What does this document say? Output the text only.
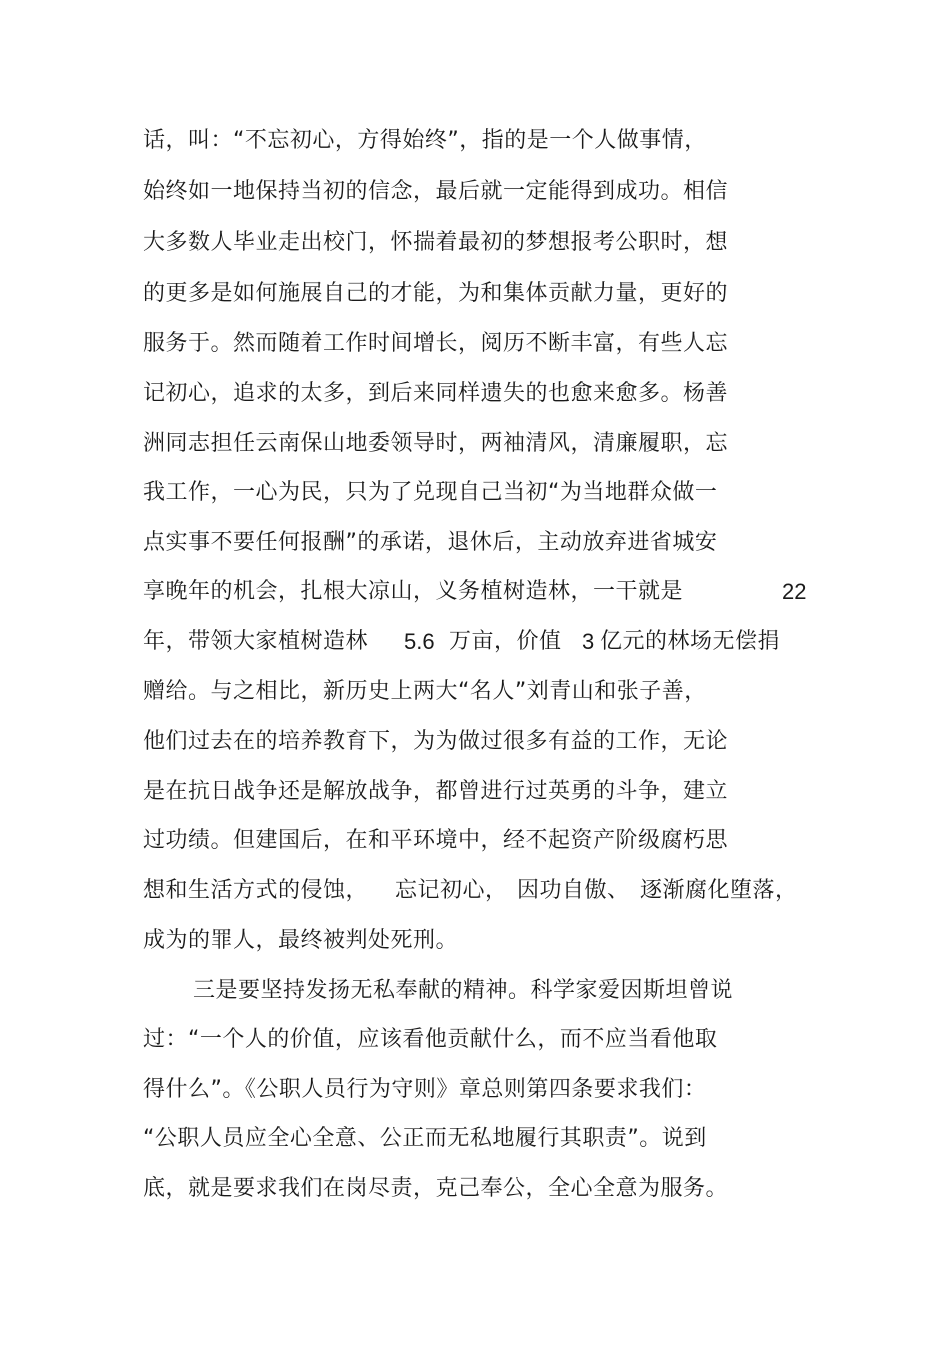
话，叫：“不忘初心，方得始终”，指的是一个人做事情，
始终如一地保持当初的信念，最后就一定能得到成功。相信
大多数人毕业走出校门，怀揣着最初的梦想报考公职时，想
的更多是如何施展自己的才能，为和集体贡献力量，更好的
服务于。然而随着工作时间增长，阅历不断丰富，有些人忘
记初心，追求的太多，到后来同样遗失的也愈来愈多。杨善
洲同志担任云南保山地委领导时，两袖清风，清廉履职，忘
我工作，一心为民，只为了兑现自己当初“为当地群众做一
点实事不要任何报酬”的承诺，退休后，主动放弃进省城安
享晚年的机会，扎根大凉山，义务植树造林，一干就是	22
年，带领大家植树造林 5.6 万亩，价值 3 亿元的林场无偿捐
赠给。与之相比，新历史上两大“名人”刘青山和张子善，
他们过去在的培养教育下，为为做过很多有益的工作，无论
是在抗日战争还是解放战争，都曾进行过英勇的斗争，建立
过功绩。但建国后，在和平环境中，经不起资产阶级腐朽思
想和生活方式的侵蚀， 忘记初心， 因功自傲、 逐渐腐化堕落，
成为的罪人，最终被判处死刑。
三是要坚持发扬无私奉献的精神。科学家爱因斯坦曾说
过：“一个人的价值，应该看他贡献什么，而不应当看他取
得什么”。《公职人员行为守则》章总则第四条要求我们：
“公职人员应全心全意、公正而无私地履行其职责”。说到
底，就是要求我们在岗尽责，克己奉公，全心全意为服务。
